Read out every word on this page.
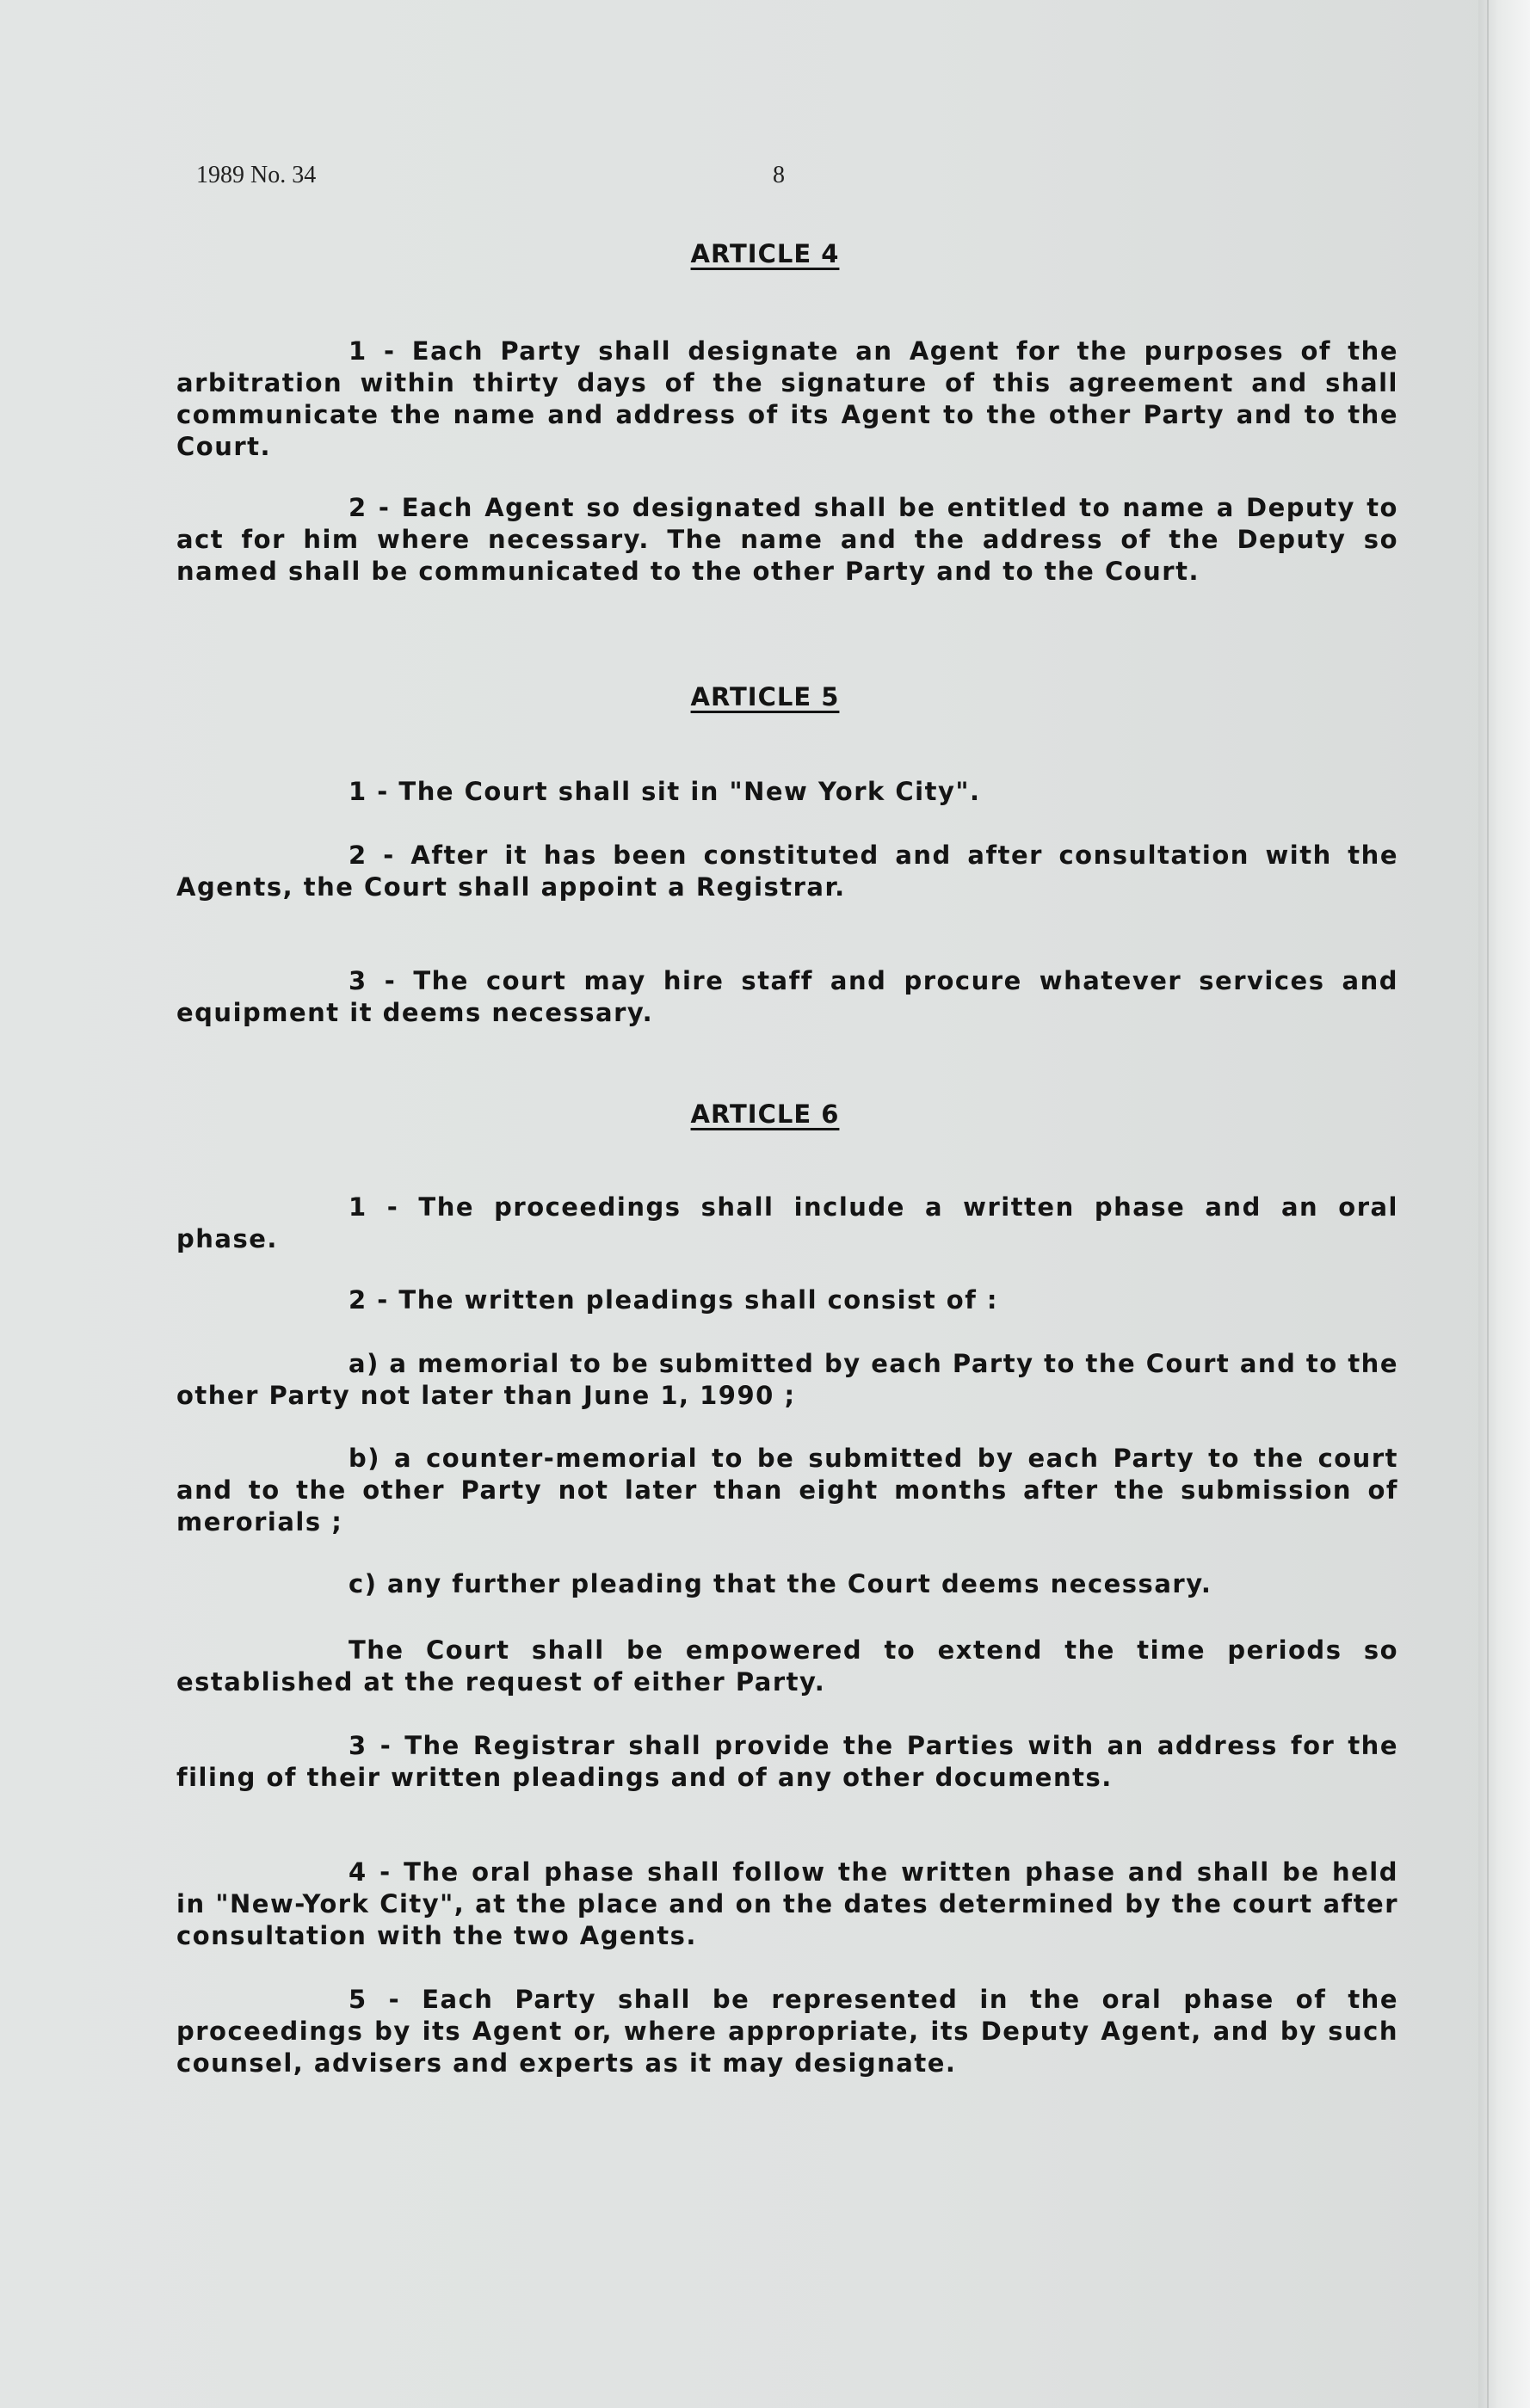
1989 No. 34	8
ARTICLE 4
1 - Each Party shall designate an Agent for the purposes of the arbitration within thirty days of the signature of this agreement and shall communicate the name and address of its Agent to the other Party and to the Court.
2 - Each Agent so designated shall be entitled to name a Deputy to act for him where necessary. The name and the address of the Deputy so named shall be communicated to the other Party and to the Court.
ARTICLE 5
1 - The Court shall sit in "New York City".
2 - After it has been constituted and after consultation with the Agents, the Court shall appoint a Registrar.
3 - The court may hire staff and procure whatever services and equipment it deems necessary.
ARTICLE 6
1 - The proceedings shall include a written phase and an oral phase.
2 - The written pleadings shall consist of :
a) a memorial to be submitted by each Party to the Court and to the other Party not later than June 1, 1990 ;
b) a counter-memorial to be submitted by each Party to the court and to the other Party not later than eight months after the submission of merorials ;
c) any further pleading that the Court deems necessary.
The Court shall be empowered to extend the time periods so established at the request of either Party.
3 - The Registrar shall provide the Parties with an address for the filing of their written pleadings and of any other documents.
4 - The oral phase shall follow the written phase and shall be held in "New-York City", at the place and on the dates determined by the court after consultation with the two Agents.
5 - Each Party shall be represented in the oral phase of the proceedings by its Agent or, where appropriate, its Deputy Agent, and by such counsel, advisers and experts as it may designate.
